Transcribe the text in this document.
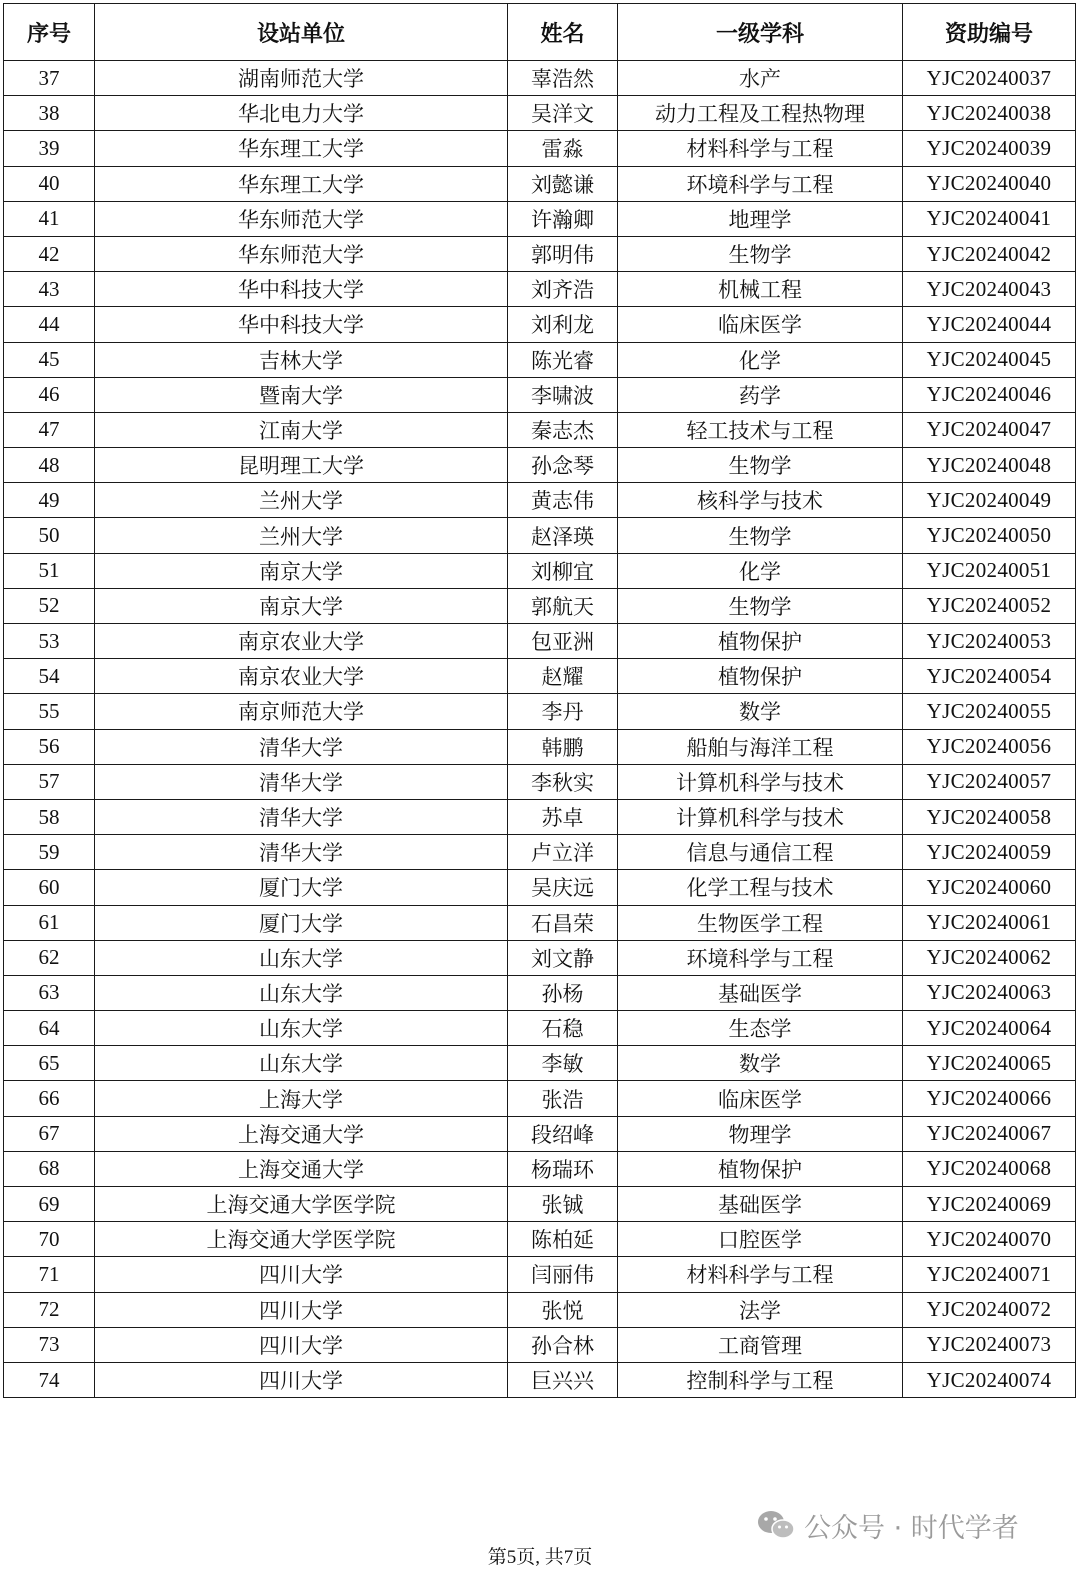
序号	设站单位	姓名	一级学科	资助编号
37	湖南师范大学	辜浩然	水产	YJC20240037
38	华北电力大学	吴洋文	动力工程及工程热物理	YJC20240038
39	华东理工大学	雷淼	材料科学与工程	YJC20240039
40	华东理工大学	刘懿谦	环境科学与工程	YJC20240040
41	华东师范大学	许瀚卿	地理学	YJC20240041
42	华东师范大学	郭明伟	生物学	YJC20240042
43	华中科技大学	刘齐浩	机械工程	YJC20240043
44	华中科技大学	刘利龙	临床医学	YJC20240044
45	吉林大学	陈光睿	化学	YJC20240045
46	暨南大学	李啸波	药学	YJC20240046
47	江南大学	秦志杰	轻工技术与工程	YJC20240047
48	昆明理工大学	孙念琴	生物学	YJC20240048
49	兰州大学	黄志伟	核科学与技术	YJC20240049
50	兰州大学	赵泽瑛	生物学	YJC20240050
51	南京大学	刘柳宜	化学	YJC20240051
52	南京大学	郭航天	生物学	YJC20240052
53	南京农业大学	包亚洲	植物保护	YJC20240053
54	南京农业大学	赵耀	植物保护	YJC20240054
55	南京师范大学	李丹	数学	YJC20240055
56	清华大学	韩鹏	船舶与海洋工程	YJC20240056
57	清华大学	李秋实	计算机科学与技术	YJC20240057
58	清华大学	苏卓	计算机科学与技术	YJC20240058
59	清华大学	卢立洋	信息与通信工程	YJC20240059
60	厦门大学	吴庆远	化学工程与技术	YJC20240060
61	厦门大学	石昌荣	生物医学工程	YJC20240061
62	山东大学	刘文静	环境科学与工程	YJC20240062
63	山东大学	孙杨	基础医学	YJC20240063
64	山东大学	石稳	生态学	YJC20240064
65	山东大学	李敏	数学	YJC20240065
66	上海大学	张浩	临床医学	YJC20240066
67	上海交通大学	段绍峰	物理学	YJC20240067
68	上海交通大学	杨瑞环	植物保护	YJC20240068
69	上海交通大学医学院	张铖	基础医学	YJC20240069
70	上海交通大学医学院	陈柏延	口腔医学	YJC20240070
71	四川大学	闫丽伟	材料科学与工程	YJC20240071
72	四川大学	张悦	法学	YJC20240072
73	四川大学	孙合林	工商管理	YJC20240073
74	四川大学	巨兴兴	控制科学与工程	YJC20240074
公众号 · 时代学者
第5页, 共7页
